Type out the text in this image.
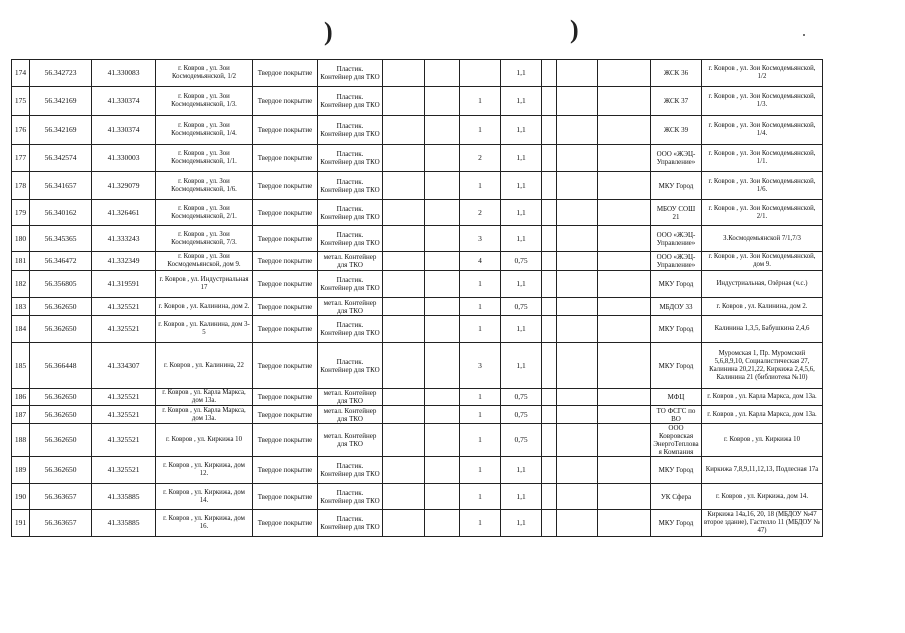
)	)
174	56.342723	41.330083	г. Ковров , ул. Зои Космодемьянской, 1/2	Твердое покрытие	Пластик. Контейнер для ТКО				1,1				ЖСК 36	г. Ковров , ул. Зои Космодемьянской, 1/2
175	56.342169	41.330374	г. Ковров , ул. Зои Космодемьянской, 1/3.	Твердое покрытие	Пластик. Контейнер для ТКО			1	1,1				ЖСК 37	г. Ковров , ул. Зои Космодемьянской, 1/3.
176	56.342169	41.330374	г. Ковров , ул. Зои Космодемьянской, 1/4.	Твердое покрытие	Пластик. Контейнер для ТКО			1	1,1				ЖСК 39	г. Ковров , ул. Зои Космодемьянской, 1/4.
177	56.342574	41.330003	г. Ковров , ул. Зои Космодемьянской, 1/1.	Твердое покрытие	Пластик. Контейнер для ТКО			2	1,1				ООО «ЖЭЦ-Управление»	г. Ковров , ул. Зои Космодемьянской, 1/1.
178	56.341657	41.329079	г. Ковров , ул. Зои Космодемьянской, 1/6.	Твердое покрытие	Пластик. Контейнер для ТКО			1	1,1				МКУ Город	г. Ковров , ул. Зои Космодемьянской, 1/6.
179	56.340162	41.326461	г. Ковров , ул. Зои Космодемьянской, 2/1.	Твердое покрытие	Пластик. Контейнер для ТКО			2	1,1				МБОУ СОШ 21	г. Ковров , ул. Зои Космодемьянской, 2/1.
180	56.345365	41.333243	г. Ковров , ул. Зои Космодемьянской, 7/3.	Твердое покрытие	Пластик. Контейнер для ТКО			3	1,1				ООО «ЖЭЦ-Управление»	З.Космодемьянской 7/1,7/3
181	56.346472	41.332349	г. Ковров , ул. Зои Космодемьянской, дом 9.	Твердое покрытие	метал. Контейнер для ТКО			4	0,75				ООО «ЖЭЦ-Управление»	г. Ковров , ул. Зои Космодемьянской, дом 9.
182	56.356805	41.319591	г. Ковров , ул. Индустриальная 17	Твердое покрытие	Пластик. Контейнер для ТКО			1	1,1				МКУ Город	Индустриальная, Озёрная (ч.с.)
183	56.362650	41.325521	г. Ковров , ул. Калинина, дом 2.	Твердое покрытие	метал. Контейнер для ТКО			1	0,75				МБДОУ 33	г. Ковров , ул. Калинина, дом 2.
184	56.362650	41.325521	г. Ковров , ул. Калинина, дом 3-5	Твердое покрытие	Пластик. Контейнер для ТКО			1	1,1				МКУ Город	Калинина 1,3,5, Бабушкина 2,4,6
185	56.366448	41.334307	г. Ковров , ул. Калинина, 22	Твердое покрытие	Пластик. Контейнер для ТКО			3	1,1				МКУ Город	Муромская 1, Пр. Муромский 5,6,8,9,10, Социалистическая 27, Калинина 20,21,22, Киркижа 2,4,5,6, Калинина 21 (библиотека №10)
186	56.362650	41.325521	г. Ковров , ул. Карла Маркса, дом 13а.	Твердое покрытие	метал. Контейнер для ТКО			1	0,75				МФЦ	г. Ковров , ул. Карла Маркса, дом 13а.
187	56.362650	41.325521	г. Ковров , ул. Карла Маркса, дом 13а.	Твердое покрытие	метал. Контейнер для ТКО			1	0,75				ТО ФСГС по ВО	г. Ковров , ул. Карла Маркса, дом 13а.
188	56.362650	41.325521	г. Ковров , ул. Киркижа 10	Твердое покрытие	метал. Контейнер для ТКО			1	0,75				ООО Ковровская ЭнергоТеплова я Компания	г. Ковров , ул. Киркижа 10
189	56.362650	41.325521	г. Ковров , ул. Киркижа, дом 12.	Твердое покрытие	Пластик. Контейнер для ТКО			1	1,1				МКУ Город	Киркижа 7,8,9,11,12,13, Подлесная 17а
190	56.363657	41.335885	г. Ковров , ул. Киркижа, дом 14.	Твердое покрытие	Пластик. Контейнер для ТКО			1	1,1				УК Сфера	г. Ковров , ул. Киркижа, дом 14.
191	56.363657	41.335885	г. Ковров , ул. Киркижа, дом 16.	Твердое покрытие	Пластик. Контейнер для ТКО			1	1,1				МКУ Город	Киркижа 14а,16, 20, 18 (МБДОУ №47 второе здание), Гастелло 11 (МБДОУ № 47)
